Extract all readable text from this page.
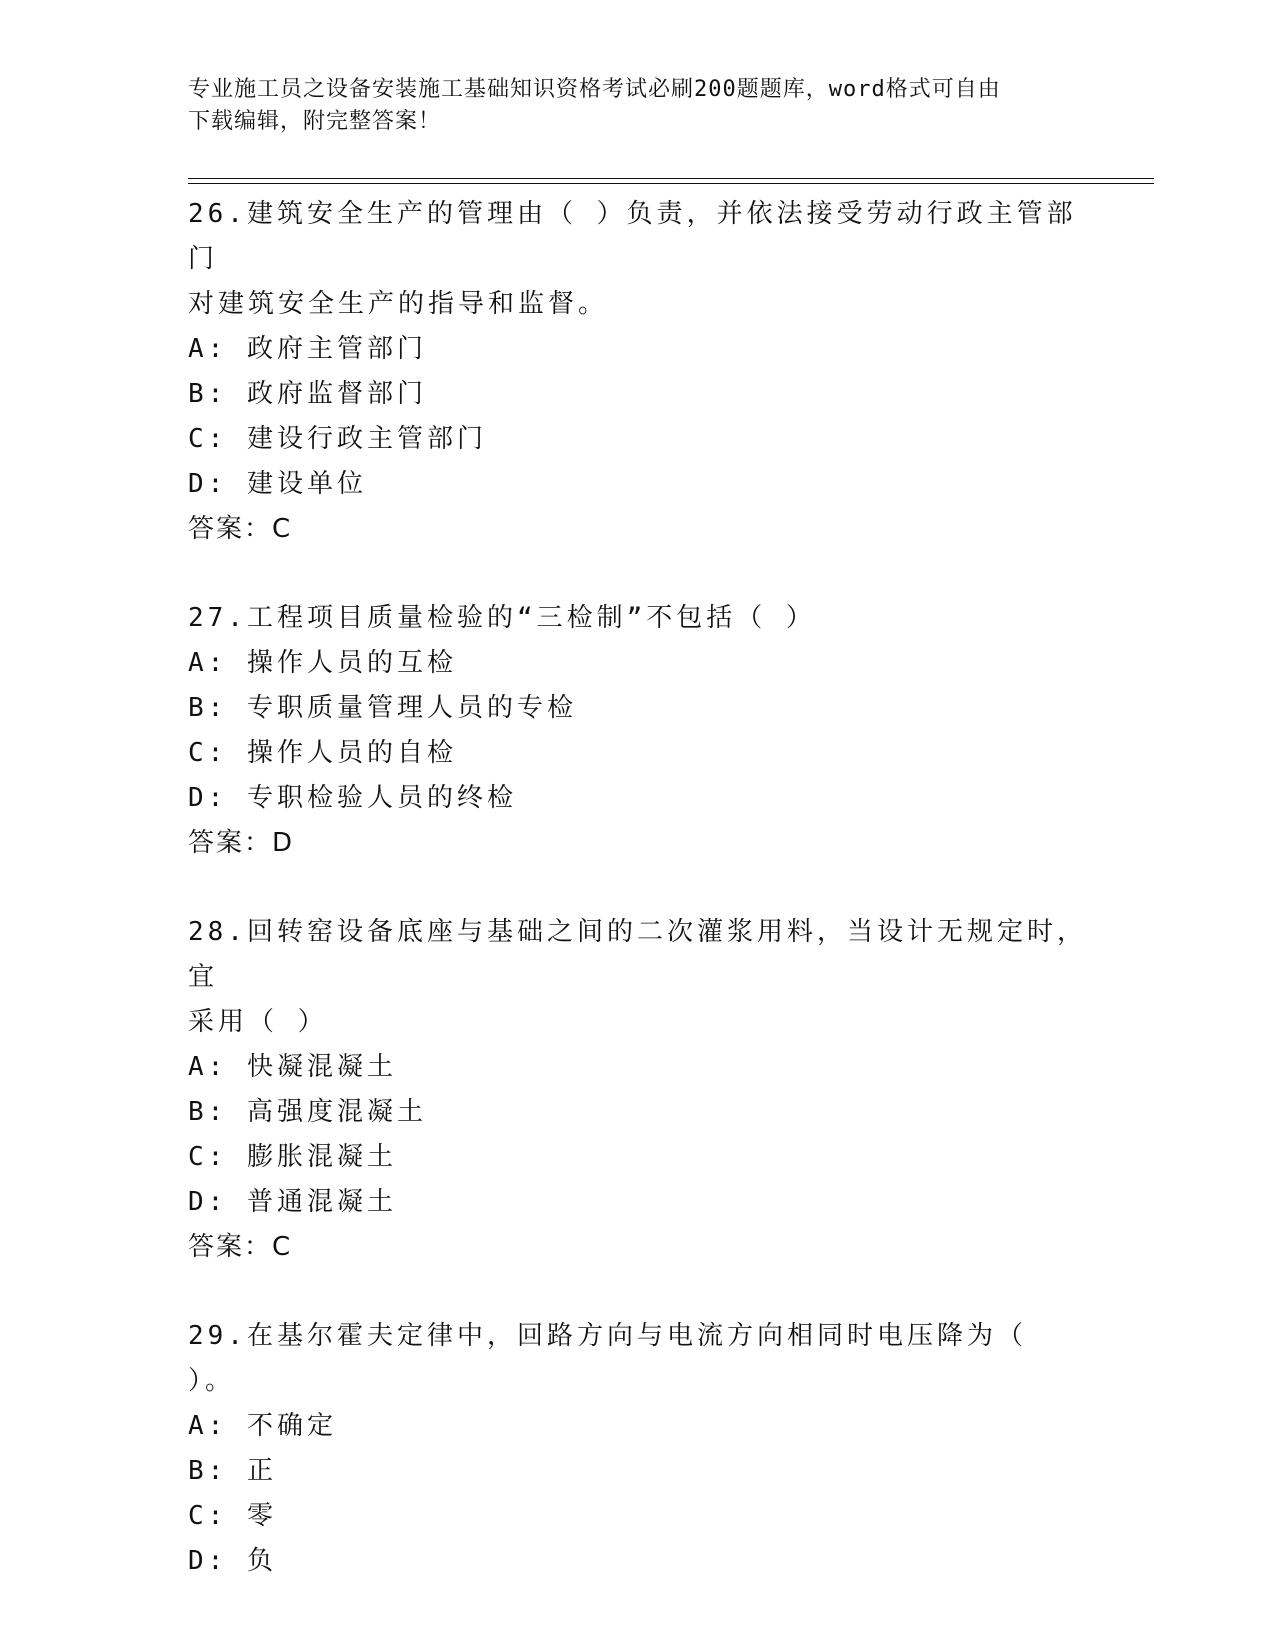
专业施工员之设备安装施工基础知识资格考试必刷200题题库，word格式可自由
下载编辑，附完整答案！
26.建筑安全生产的管理由（ ）负责，并依法接受劳动行政主管部门
对建筑安全生产的指导和监督。
A: 政府主管部门
B: 政府监督部门
C: 建设行政主管部门
D: 建设单位
答案：C
27.工程项目质量检验的“三检制”不包括（ ）
A: 操作人员的互检
B: 专职质量管理人员的专检
C: 操作人员的自检
D: 专职检验人员的终检
答案：D
28.回转窑设备底座与基础之间的二次灌浆用料，当设计无规定时，宜
采用（ ）
A: 快凝混凝土
B: 高强度混凝土
C: 膨胀混凝土
D: 普通混凝土
答案：C
29.在基尔霍夫定律中，回路方向与电流方向相同时电压降为（ ）。
A: 不确定
B: 正
C: 零
D: 负
